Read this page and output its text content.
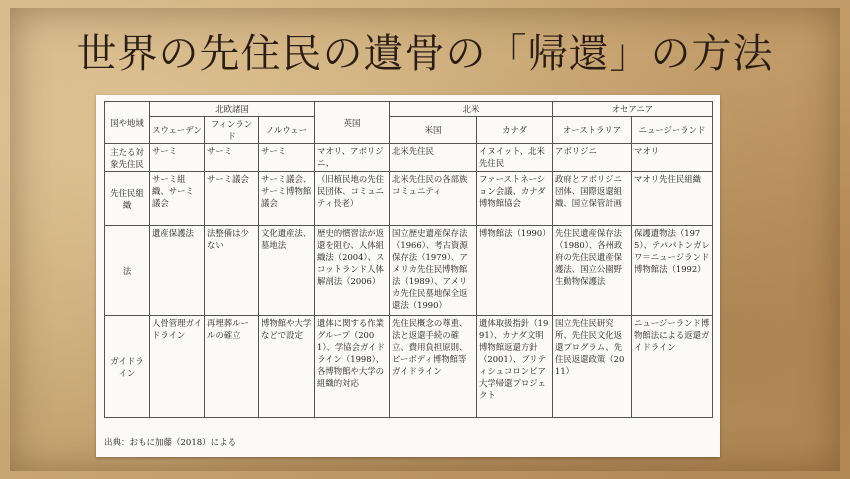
世界の先住民の遺骨の「帰還」の方法
国や地域	北欧諸国			英国	北米		オセアニア	
	スウェーデン	フィンランド	ノルウェー		米国	カナダ	オーストラリア	ニュージーランド
主たる対象先住民	サーミ	サーミ	サーミ	マオリ、アボリジニ、	北米先住民	イヌイット、北米先住民	アボリジニ	マオリ
先住民組織	サーミ組織、サーミ議会	サーミ議会	サーミ議会、サーミ博物館議会	（旧植民地の先住民団体、コミュニティ長老）	北米先住民の各部族コミュニティ	ファーストネーション会議、カナダ博物館協会	政府とアボリジニ団体、国際返還組織、国立保管計画	マオリ先住民組織
法	遺産保護法	法整備は少ない	文化遺産法、墓地法	歴史的慣習法が返還を阻む、人体組織法（2004）、スコットランド人体解剖法（2006）	国立歴史遺産保存法（1966）、考古資源保存法（1979）、アメリカ先住民博物館法（1989）、アメリカ先住民墓地保全返還法（1990）	博物館法（1990）	先住民遺産保存法（1980）、各州政府の先住民遺産保護法、国立公園野生動物保護法	保護遺物法（1975）、テパパトンガレワ＝ニュージランド博物館法（1992）
ガイドライン	人骨管理ガイドライン	再埋葬ルールの確立	博物館や大学などで設定	遺体に関する作業グループ（2001）、学協会ガイドライン（1998）、各博物館や大学の組織的対応	先住民概念の尊重、法と返還手続の確立、費用負担原則、ピーボディ博物館等ガイドライン	遺体取扱指針（1991）、カナダ文明博物館返還方針（2001）、ブリティシュコロンビア大学帰還プロジェクト	国立先住民研究所、先住民文化返還プログラム、先住民返還政策（2011）	ニュージーランド博物館法による返還ガイドライン
出典：おもに加藤（2018）による
